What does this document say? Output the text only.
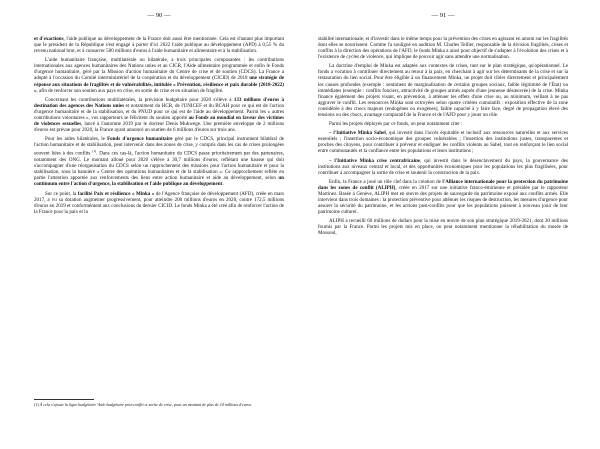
— 90 —

et d'exactions, l'aide publique au développement de la France doit aussi être mentionnée. Cela est d'autant plus important que le président de la République s'est engagé à porter d'ici 2022 l'aide publique au développement (APD) à 0,55 % du revenu national brut, et à consacrer 500 millions d'euros à l'aide humanitaire et alimentaire et à la stabilisation.

L'aide humanitaire française, multilatérale ou bilatérale, a trois principales composantes : les contributions internationales aux agences humanitaires des Nations unies et au CICR, l'Aide alimentaire programmée et enfin le Fonds d'urgence humanitaire, géré par la Mission d'action humanitaire du Centre de crise et de soutien (CDCS). La France a adopté à l'occasion du Comité interministériel de la coopération et du développement (CICID) de 2018 une stratégie de réponse aux situations de fragilités et de vulnérabilités, intitulée « Prévention, résilience et paix durable (2018-2022) », afin de renforcer son soutien aux pays en crise, en sortie de crise et en situation de fragilité.

Concernant les contributions multilatérales, la prévision budgétaire pour 2020 s'élève à 133 millions d'euros à destination des agences des Nations unies et notamment du HCR, de l'UNICEF et du BCAH pour ce qui est de l'action d'urgence humanitaire et de la stabilisation, et du PNUD pour ce qui est de l'aide au développement. Parmi les « autres contributions volontaires », vos rapporteurs se félicitent du soutien apporté au Fonds au mondial en faveur des victimes de violences sexuelles, lancé à l'automne 2019 par le docteur Denis Mukwege. Une première enveloppe de 2 millions d'euros est prévue pour 2020, la France ayant annoncé un soutien de 6 millions d'euros sur trois ans.

Pour les aides bilatérales, le Fonds d'urgence humanitaire géré par le CDCS, principal instrument bilatéral de l'action humanitaire et de stabilisation, peut intervenir dans des zones de crise, y compris dans les cas de crises prolongées souvent liées à des conflits $^{(1)}$. Dans ces cas-là, l'action humanitaire du CDCS passe prioritairement par des partenaires, notamment des ONG. Le montant alloué pour 2020 s'élève à 30,7 millions d'euros, reflétant une hausse qui doit s'accompagner d'une réorganisation du CDCS selon un rapprochement des missions pour l'action humanitaire et pour la stabilisation, sous la bannière « Centre des opérations humanitaires et de la stabilisation ». Ce rapprochement reflète en partie l'attention apportée aux renforcements des liens entre action humanitaire et aide au développement, selon un continuum entre l'action d'urgence, la stabilisation et l'aide publique au développement.

Sur ce point, la facilité Paix et résilience « Minka » de l'Agence française de développement (AFD), créée en mars 2017, a vu sa dotation augmenter progressivement, pour atteindre 200 millions d'euros en 2020, contre 172,5 millions d'euros en 2019 et conformément aux conclusions du dernier CICID. Le fonds Minka a été créé afin de renforcer l'action de la France pour la paix et la

(1) À cela s'ajoute la ligne budgétaire 'Aide budgétaire post-conflit et sortie de crise, pour un montant de plus de 14 millions d'euros.
— 91 —

stabilité internationale, et d'investir dans le même temps pour la prévention des crises en agissant en amont sur les fragilités dont elles se nourrissent. Comme l'a souligné en audition M. Charles Tellier, responsable de la division fragilités, crises et conflits à la direction des opérations de l'AFD, le fonds Minka a ainsi pour objectif de s'adapter à l'évolution des crises et à l'existence de cycles de violence, qui implique de pouvoir agir sans attendre une normalisation.

La doctrine d'emploi de Minka est adaptée aux contextes de crises, tant sur le plan stratégique, qu'opérationnel. Le fonds a vocation à contribuer directement au retour à la paix, en cherchant à agir sur les déterminants de la crise et sur la restauration du lien social. Pour être éligible à un financement Minka, un projet doit cibler directement et principalement les causes profondes (exemple : sentiment de marginalisation de certains groupes sociaux, faible légitimité de l'État) ou immédiates (exemple : conflits fonciers, attractivité de groupes armés auprès d'une jeunesse désœuvrée) de la crise. Minka finance également des projets visant, en prévention, à atténuer les effets d'une crise ou, au minimum, veillant à ne pas aggraver le conflit. Les ressources Minka sont octroyées selon quatre critères cumulatifs : exposition effective de la zone considérée à des chocs majeurs (endogènes ou exogènes), faible capacité à y faire face, degré de propagation élevé des tensions ou des chocs, avantage comparatif de la France et de l'AFD pour y jouer un rôle.

Parmi les projets déployés par ce fonds, on peut notamment citer :

– l'Initiative Minka Sahel, qui investit dans l'accès équitable et inclusif aux ressources naturelles et aux services essentiels ; l'insertion socio-économique des groupes vulnérables ; l'insertion des institutions justes, transparentes et proches des citoyens, pour contribuer à prévenir et endiguer les conflits violents au Sahel, tout en renforçant le lien social entre communautés et la confiance entre les populations et leurs institutions ;

– l'Initiative Minka crise centrafricaine, qui investit dans le désenclavement du pays, la gouvernance des institutions aux niveaux central et local, et des opportunités économiques pour les populations les plus fragilisées, pour contribuer à accompagner la sortie de crise et soutenir la construction de la paix.

Enfin, la France a joué un rôle clef dans la création de l'Alliance internationale pour la protection du patrimoine dans les zones de conflit (ALIPH), créée en 2017 sur une initiative franco-émirienne et présidée par le rapporteur Martinez. Basée à Genève, ALIPH met en œuvre des projets de sauvegarde du patrimoine exposé aux conflits armés. Elle intervient dans trois domaines : la protection préventive pour atténuer les risques de destruction, les mesures d'urgence pour assurer la sécurité du patrimoine, et les actions post-conflits pour que les populations puissent à nouveau jouir de leur patrimoine culturel.

ALIPH a recueilli 60 millions de dollars pour la mise en œuvre de son plan stratégique 2019-2021, dont 30 millions fournis par la France. Parmi les projets mis en place, on peut notamment mentionner la réhabilitation du musée de Mossoul,
